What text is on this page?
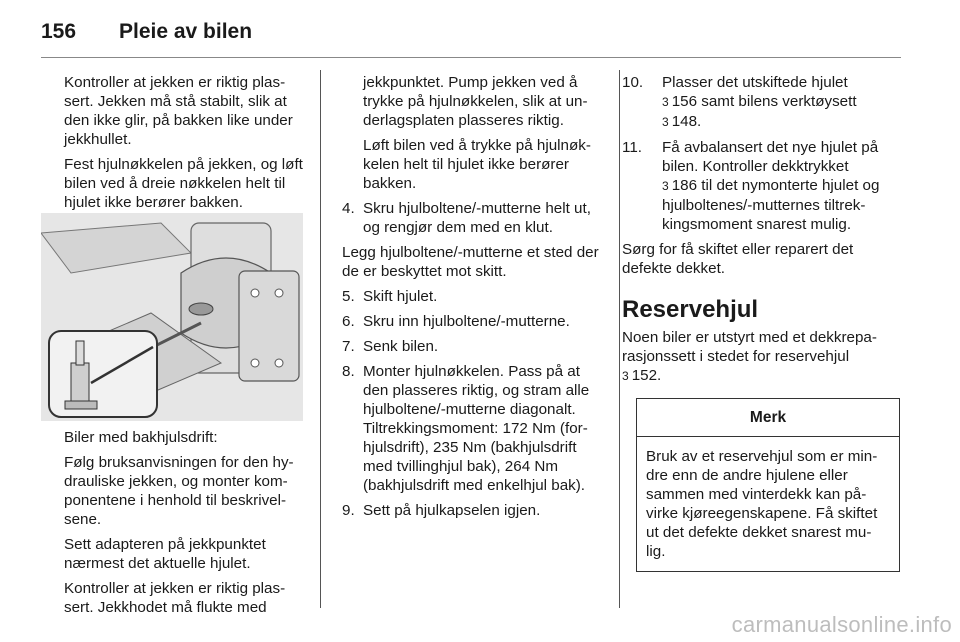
156	Pleie av bilen

Kontroller at jekken er riktig plas-sert. Jekken må stå stabilt, slik at den ikke glir, på bakken like under jekkhullet.

Fest hjulnøkkelen på jekken, og løft bilen ved å dreie nøkkelen helt til hjulet ikke berører bakken.

Biler med bakhjulsdrift:

Følg bruksanvisningen for den hy-drauliske jekken, og monter kom-ponentene i henhold til beskrivel-sene.

Sett adapteren på jekkpunktet nærmest det aktuelle hjulet.

Kontroller at jekken er riktig plas-sert. Jekkhodet må flukte med

jekkpunktet. Pump jekken ved å trykke på hjulnøkkelen, slik at un-derlagsplaten plasseres riktig.

Løft bilen ved å trykke på hjulnøk-kelen helt til hjulet ikke berører bakken.

4. Skru hjulboltene/-mutterne helt ut, og rengjør dem med en klut.

Legg hjulboltene/-mutterne et sted der de er beskyttet mot skitt.

5. Skift hjulet.
6. Skru inn hjulboltene/-mutterne.
7. Senk bilen.
8. Monter hjulnøkkelen. Pass på at den plasseres riktig, og stram alle hjulboltene/-mutterne diagonalt. Tiltrekkingsmoment: 172 Nm (for-hjulsdrift), 235 Nm (bakhjulsdrift med tvillinghjul bak), 264 Nm (bakhjulsdrift med enkelhjul bak).
9. Sett på hjulkapselen igjen.
10.	Plasser det utskiftede hjulet
3 156 samt bilens verktøysett
3 148.
11.	Få avbalansert det nye hjulet på bilen. Kontroller dekktrykket
3 186 til det nymonterte hjulet og hjulboltenes/-mutternes tiltrek-kingsmoment snarest mulig.

Sørg for få skiftet eller reparert det defekte dekket.

Reservehjul

Noen biler er utstyrt med et dekkrepa-rasjonssett i stedet for reservehjul
3 152.

Merk
Bruk av et reservehjul som er min-dre enn de andre hjulene eller sammen med vinterdekk kan på-virke kjøreegenskapene. Få skiftet ut det defekte dekket snarest mu-lig.
carmanualsonline.info
